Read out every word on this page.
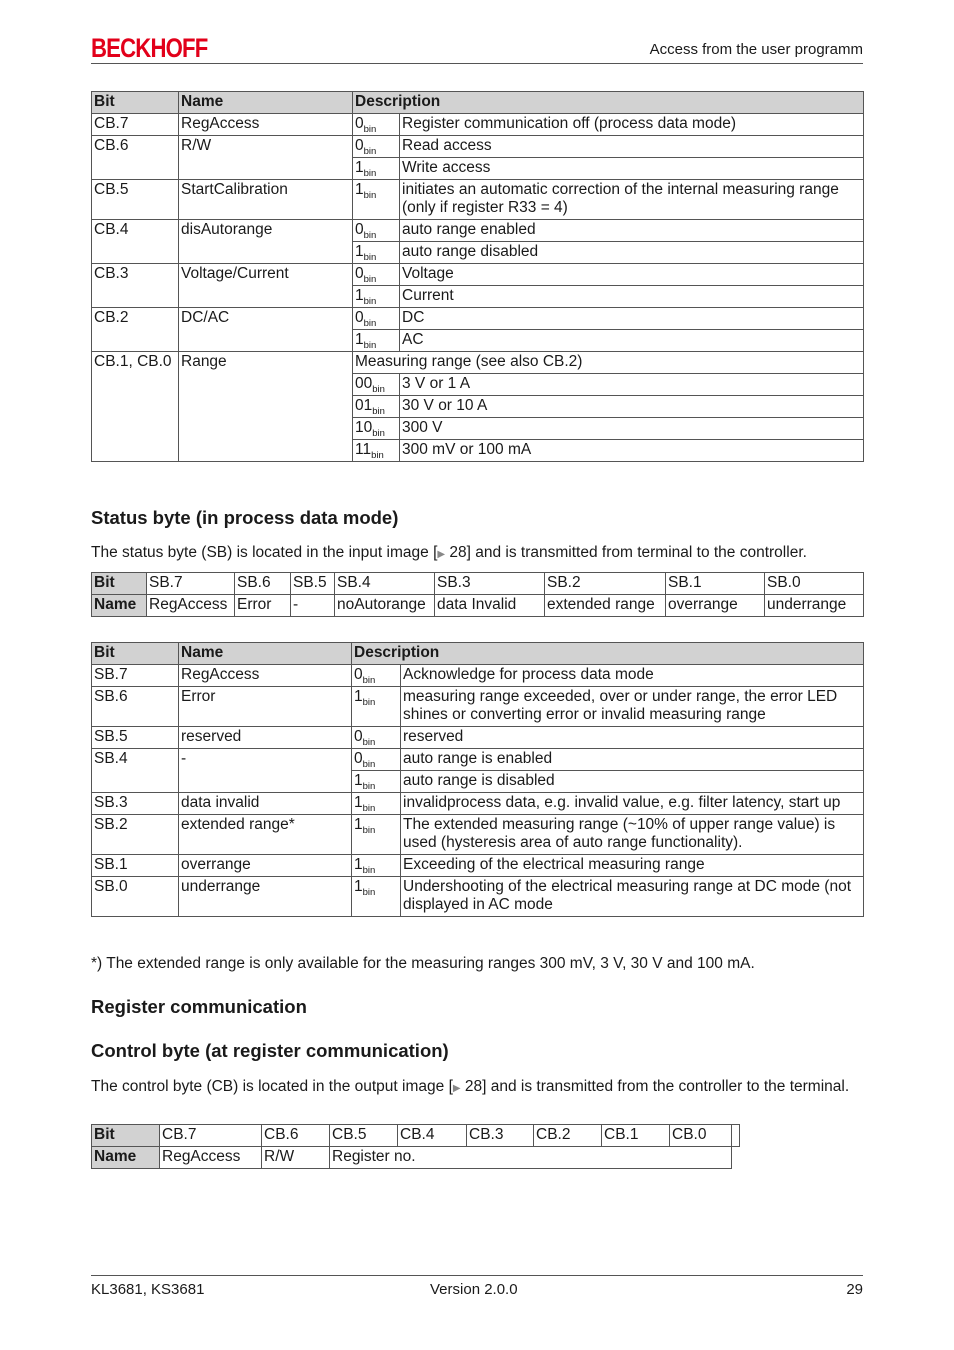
BECKHOFF	Access from the user programm
Bit	Name	Description	
CB.7	RegAccess	$0_{bin}$	Register communication off (process data mode)
CB.6	R/W	$0_{bin}$	Read access
		$1_{bin}$	Write access
CB.5	StartCalibration	$1_{bin}$	initiates an automatic correction of the internal measuring range (only if register R33 = 4)
CB.4	disAutorange	$0_{bin}$	auto range enabled
		$1_{bin}$	auto range disabled
CB.3	Voltage/Current	$0_{bin}$	Voltage
		$1_{bin}$	Current
CB.2	DC/AC	$0_{bin}$	DC
		$1_{bin}$	AC
CB.1, CB.0	Range	Measuring range (see also CB.2)	
		$00_{bin}$	3 V or 1 A
		$01_{bin}$	30 V or 10 A
		$10_{bin}$	300 V
		$11_{bin}$	300 mV or 100 mA
Status byte (in process data mode)

The status byte (SB) is located in the input image [▶ 28] and is transmitted from terminal to the controller.

Bit	SB.7	SB.6	SB.5	SB.4	SB.3	SB.2	SB.1	SB.0
Name	RegAccess	Error	-	noAutorange	data Invalid	extended range	overrange	underrange
Bit	Name	Description	
SB.7	RegAccess	$0_{bin}$	Acknowledge for process data mode
SB.6	Error	$1_{bin}$	measuring range exceeded, over or under range, the error LED shines or converting error or invalid measuring range
SB.5	reserved	$0_{bin}$	reserved
SB.4	-	$0_{bin}$	auto range is enabled
		$1_{bin}$	auto range is disabled
SB.3	data invalid	$1_{bin}$	invalidprocess data, e.g. invalid value, e.g. filter latency, start up
SB.2	extended range*	$1_{bin}$	The extended measuring range (~10% of upper range value) is used (hysteresis area of auto range functionality).
SB.1	overrange	$1_{bin}$	Exceeding of the electrical measuring range
SB.0	underrange	$1_{bin}$	Undershooting of the electrical measuring range at DC mode (not displayed in AC mode

*) The extended range is only available for the measuring ranges 300 mV, 3 V, 30 V and 100 mA.

Register communication
Control byte (at register communication)

The control byte (CB) is located in the output image [▶ 28] and is transmitted from the controller to the terminal.

Bit	CB.7	CB.6	CB.5	CB.4	CB.3	CB.2	CB.1	CB.0	
Name	RegAccess	R/W	Register no.						
KL3681, KS3681	Version 2.0.0	29
